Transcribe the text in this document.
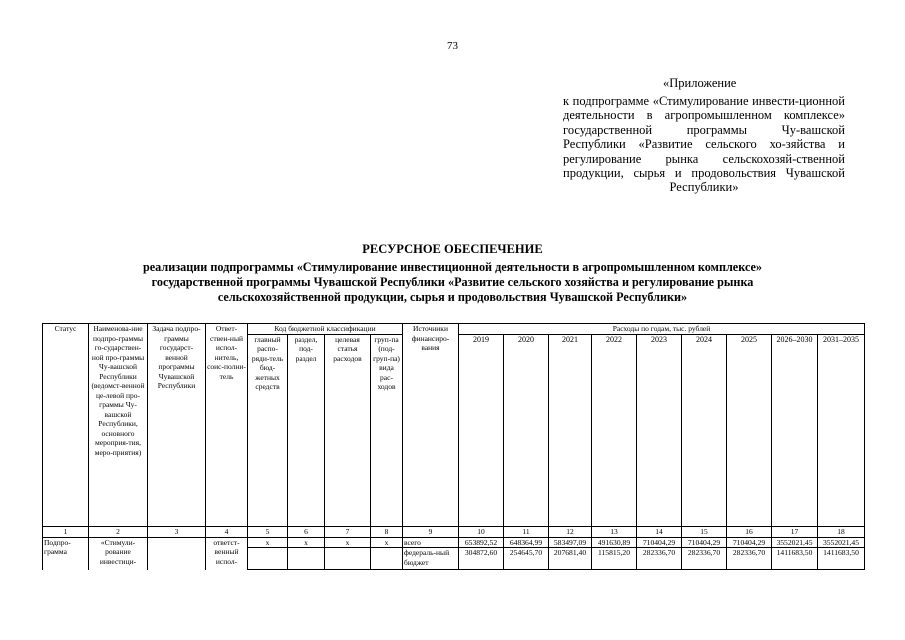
73
«Приложение
к подпрограмме «Стимулирование инвести-ционной деятельности в агропромышленном комплексе» государственной программы Чу-вашской Республики «Развитие сельского хо-зяйства и регулирование рынка сельскохозяй-ственной продукции, сырья и продовольствия Чувашской Республики»
РЕСУРСНОЕ ОБЕСПЕЧЕНИЕ
реализации подпрограммы «Стимулирование инвестиционной деятельности в агропромышленном комплексе»
государственной программы Чувашской Республики «Развитие сельского хозяйства и регулирование рынка
сельскохозяйственной продукции, сырья и продовольствия Чувашской Республики»
Статус	Наименова-ние подпро-граммы го-сударствен-ной про-граммы Чу-вашской Республики (ведомст-венной це-левой про-граммы Чу-вашской Республики, основного мероприя-тия, меро-приятия)	Задача подпро-граммы государст-венной программы Чувашской Республики	Ответ-ствен-ный испол-нитель, соис-полни-тель	Код бюджетной классификации				Источники финансиро-вания	Расходы по годам, тыс. рублей								
				главный распо-ряди-тель бюд-жетных средств	раздел, под-раздел	целевая статья расходов	груп-па (под-груп-па) вида рас-ходов		2019	2020	2021	2022	2023	2024	2025	2026–2030	2031–2035
1	2	3	4	5	6	7	8	9	10	11	12	13	14	15	16	17	18
Подпро-грамма	«Стимули-рование инвестици-		ответст-венный испол-	x	x	x	x	всего	653892,52	648364,99	583497,09	491630,89	710404,29	710404,29	710404,29	3552021,45	3552021,45
								федераль-ный бюджет	304872,60	254645,70	207681,40	115815,20	282336,70	282336,70	282336,70	1411683,50	1411683,50
